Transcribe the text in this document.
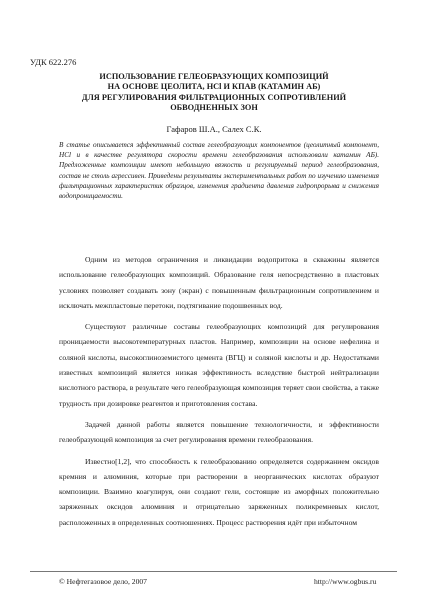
УДК 622.276
ИСПОЛЬЗОВАНИЕ ГЕЛЕОБРАЗУЮЩИХ КОМПОЗИЦИЙ
НА ОСНОВЕ ЦЕОЛИТА, HCl И КПАВ (КАТАМИН АБ)
ДЛЯ РЕГУЛИРОВАНИЯ ФИЛЬТРАЦИОННЫХ СОПРОТИВЛЕНИЙ
ОБВОДНЕННЫХ ЗОН
Гафаров Ш.А., Салех С.К.
В статье описывается эффективный состав гелеобразующих компонентов (цеолитный компонент, HCl и в качестве регулятора скорости времени гелеобразования использовали катамин АБ). Предложенные композиции имеют небольшую вязкость и регулируемый период гелеобразования, состав не столь агрессивен. Приведены результаты экспериментальных работ по изучению изменения фильтрационных характеристик образцов, изменения градиента давления гидропрорыва и снижения водопроницаемости.

Одним из методов ограничения и ликвидации водопритока в скважины является использование гелеобразующих композиций. Образование геля непосредственно в пластовых условиях позволяет создавать зону (экран) с повышенным фильтрационным сопротивлением и исключать межпластовые перетоки, подтягивание подошвенных вод.

Существуют различные составы гелеобразующих композиций для регулирования проницаемости высокотемпературных пластов. Например, композиции на основе нефелина и соляной кислоты, высокоглиноземистого цемента (ВГЦ) и соляной кислоты и др. Недостатками известных композиций является низкая эффективность вследствие быстрой нейтрализации кислотного раствора, в результате чего гелеобразующая композиция теряет свои свойства, а также трудность при дозировке реагентов и приготовления состава.

Задачей данной работы является повышение технологичности, и эффективности гелеобразующей композиция за счет регулирования времени гелеобразования.

Известно[1,2], что способность к гелеобразованию определяется содержанием оксидов кремния и алюминия, которые при растворении в неорганических кислотах образуют композиции. Взаимно коагулируя, они создают гели, состоящие из аморфных положительно заряженных оксидов алюминия и отрицательно заряженных поликремневых кислот, расположенных в определенных соотношениях. Процесс растворения идёт при избыточном

© Нефтегазовое дело, 2007	http://www.ogbus.ru
